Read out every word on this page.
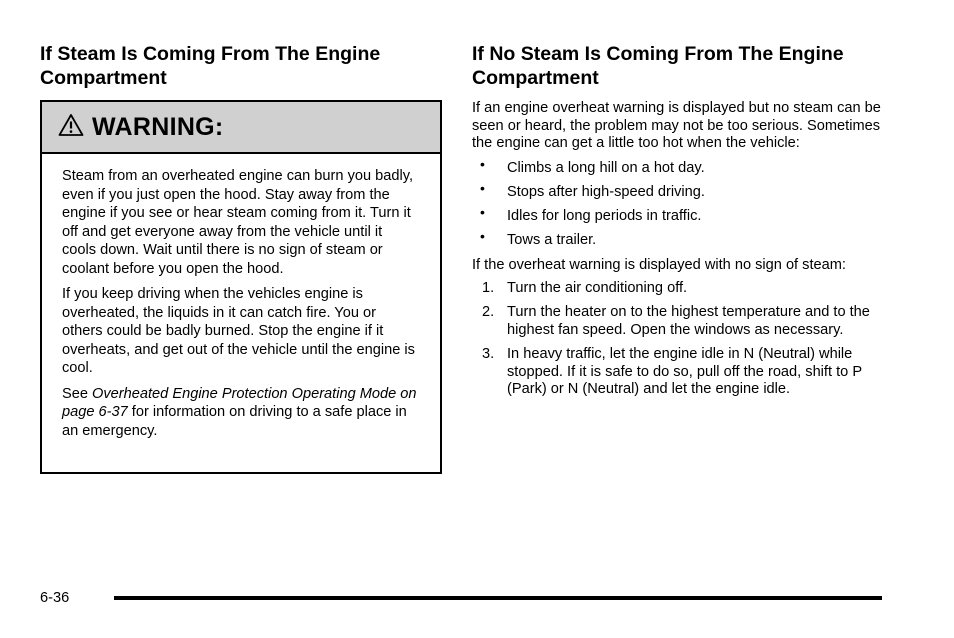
If Steam Is Coming From The Engine Compartment
WARNING:

Steam from an overheated engine can burn you badly, even if you just open the hood. Stay away from the engine if you see or hear steam coming from it. Turn it off and get everyone away from the vehicle until it cools down. Wait until there is no sign of steam or coolant before you open the hood.

If you keep driving when the vehicles engine is overheated, the liquids in it can catch fire. You or others could be badly burned. Stop the engine if it overheats, and get out of the vehicle until the engine is cool.

See Overheated Engine Protection Operating Mode on page 6-37 for information on driving to a safe place in an emergency.

If No Steam Is Coming From The Engine Compartment

If an engine overheat warning is displayed but no steam can be seen or heard, the problem may not be too serious. Sometimes the engine can get a little too hot when the vehicle:

• Climbs a long hill on a hot day.
• Stops after high-speed driving.
• Idles for long periods in traffic.
• Tows a trailer.

If the overheat warning is displayed with no sign of steam:

1. Turn the air conditioning off.
2. Turn the heater on to the highest temperature and to the highest fan speed. Open the windows as necessary.
3. In heavy traffic, let the engine idle in N (Neutral) while stopped. If it is safe to do so, pull off the road, shift to P (Park) or N (Neutral) and let the engine idle.
6-36
